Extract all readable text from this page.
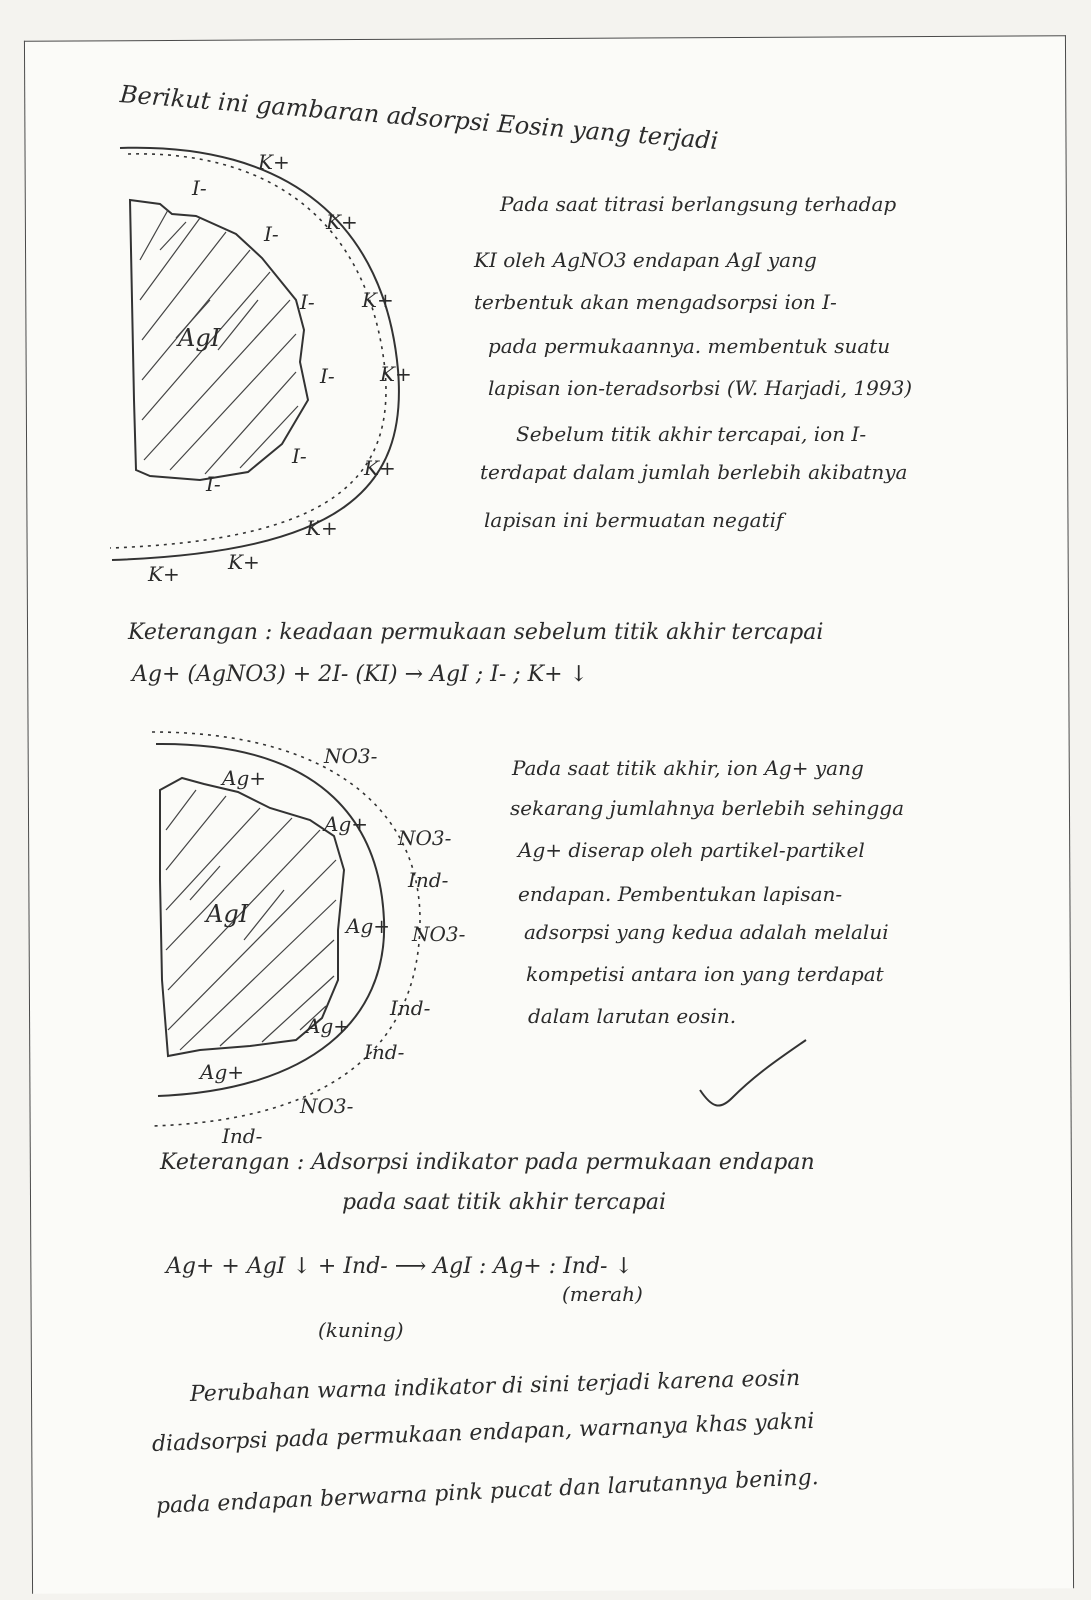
Berikut ini gambaran adsorpsi Eosin yang terjadi
AgI
I-
I-
I-
I-
I-
I-
K+
K+
K+
K+
K+
K+
K+
K+
Pada saat titrasi berlangsung terhadap
KI oleh AgNO3 endapan AgI yang
terbentuk akan mengadsorpsi ion I-
pada permukaannya. membentuk suatu
lapisan ion-teradsorbsi (W. Harjadi, 1993)
Sebelum titik akhir tercapai, ion I-
terdapat dalam jumlah berlebih akibatnya
lapisan ini bermuatan negatif
Keterangan : keadaan permukaan sebelum titik akhir tercapai
Ag+ (AgNO3) + 2I- (KI) → AgI ; I- ; K+ ↓
AgI
Ag+
Ag+
Ag+
Ag+
Ag+
NO3-
NO3-
Ind-
NO3-
Ind-
Ind-
NO3-
Ind-
Pada saat titik akhir, ion Ag+ yang
sekarang jumlahnya berlebih sehingga
Ag+ diserap oleh partikel-partikel
endapan. Pembentukan lapisan-
adsorpsi yang kedua adalah melalui
kompetisi antara ion yang terdapat
dalam larutan eosin.
Keterangan : Adsorpsi indikator pada permukaan endapan
pada saat titik akhir tercapai
Ag+ + AgI ↓ + Ind- ⟶ AgI : Ag+ : Ind- ↓
(kuning)
(merah)
Perubahan warna indikator di sini terjadi karena eosin
diadsorpsi pada permukaan endapan, warnanya khas yakni
pada endapan berwarna pink pucat dan larutannya bening.
